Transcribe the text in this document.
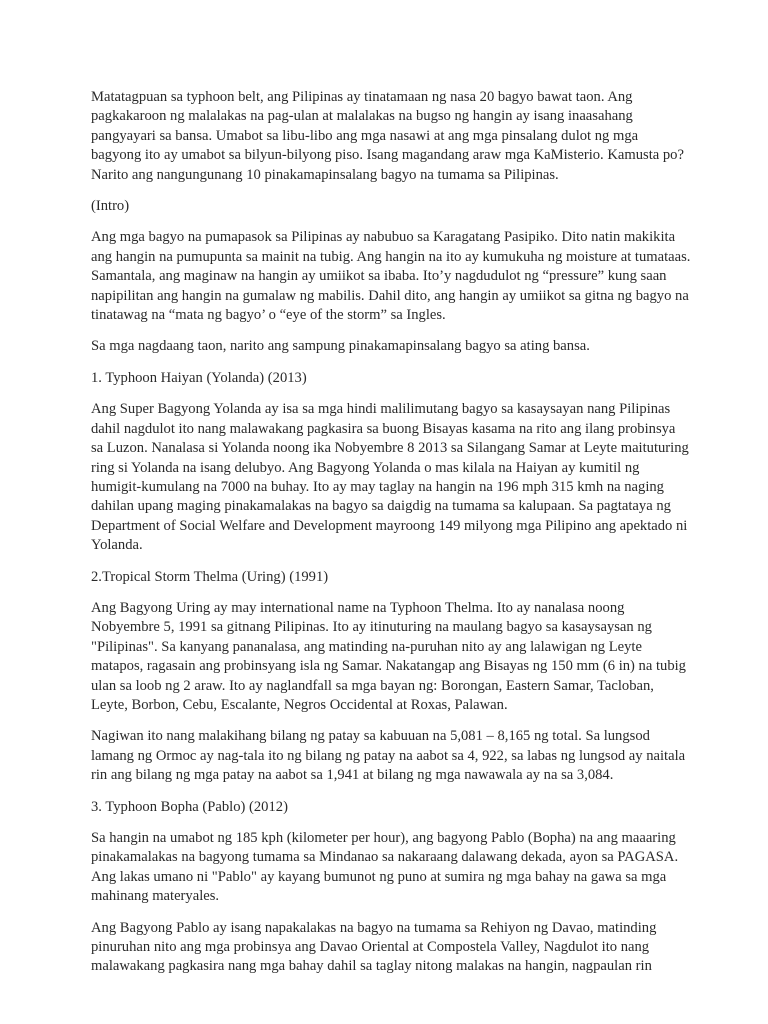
Matatagpuan sa typhoon belt, ang Pilipinas ay tinatamaan ng nasa 20 bagyo bawat taon. Ang pagkakaroon ng malalakas na pag-ulan at malalakas na bugso ng hangin ay isang inaasahang pangyayari sa bansa. Umabot sa libu-libo ang mga nasawi at ang mga pinsalang dulot ng mga bagyong ito ay umabot sa bilyun-bilyong piso. Isang magandang araw mga KaMisterio. Kamusta po? Narito ang nangungunang 10 pinakamapinsalang bagyo na tumama sa Pilipinas.

(Intro)

Ang mga bagyo na pumapasok sa Pilipinas ay nabubuo sa Karagatang Pasipiko. Dito natin makikita ang hangin na pumupunta sa mainit na tubig. Ang hangin na ito ay kumukuha ng moisture at tumataas. Samantala, ang maginaw na hangin ay umiikot sa ibaba. Ito’y nagdudulot ng “pressure” kung saan napipilitan ang hangin na gumalaw ng mabilis. Dahil dito, ang hangin ay umiikot sa gitna ng bagyo na tinatawag na “mata ng bagyo’ o “eye of the storm” sa Ingles.

Sa mga nagdaang taon, narito ang sampung pinakamapinsalang bagyo sa ating bansa.

1. Typhoon Haiyan (Yolanda) (2013)

Ang Super Bagyong Yolanda ay isa sa mga hindi malilimutang bagyo sa kasaysayan nang Pilipinas dahil nagdulot ito nang malawakang pagkasira sa buong Bisayas kasama na rito ang ilang probinsya sa Luzon. Nanalasa si Yolanda noong ika Nobyembre 8 2013 sa Silangang Samar at Leyte maituturing ring si Yolanda na isang delubyo. Ang Bagyong Yolanda o mas kilala na Haiyan ay kumitil ng humigit-kumulang na 7000 na buhay. Ito ay may taglay na hangin na 196 mph 315 kmh na naging dahilan upang maging pinakamalakas na bagyo sa daigdig na tumama sa kalupaan. Sa pagtataya ng Department of Social Welfare and Development mayroong 149 milyong mga Pilipino ang apektado ni Yolanda.

2.Tropical Storm Thelma (Uring) (1991)

Ang Bagyong Uring ay may international name na Typhoon Thelma. Ito ay nanalasa noong Nobyembre 5, 1991 sa gitnang Pilipinas. Ito ay itinuturing na maulang bagyo sa kasaysaysan ng "Pilipinas". Sa kanyang pananalasa, ang matinding na-puruhan nito ay ang lalawigan ng Leyte matapos, ragasain ang probinsyang isla ng Samar. Nakatangap ang Bisayas ng 150 mm (6 in) na tubig ulan sa loob ng 2 araw. Ito ay naglandfall sa mga bayan ng: Borongan, Eastern Samar, Tacloban, Leyte, Borbon, Cebu, Escalante, Negros Occidental at Roxas, Palawan.

Nagiwan ito nang malakihang bilang ng patay sa kabuuan na 5,081 – 8,165 ng total. Sa lungsod lamang ng Ormoc ay nag-tala ito ng bilang ng patay na aabot sa 4, 922, sa labas ng lungsod ay naitala rin ang bilang ng mga patay na aabot sa 1,941 at bilang ng mga nawawala ay na sa 3,084.

3. Typhoon Bopha (Pablo) (2012)

Sa hangin na umabot ng 185 kph (kilometer per hour), ang bagyong Pablo (Bopha) na ang maaaring pinakamalakas na bagyong tumama sa Mindanao sa nakaraang dalawang dekada, ayon sa PAGASA. Ang lakas umano ni "Pablo" ay kayang bumunot ng puno at sumira ng mga bahay na gawa sa mga mahinang materyales.

Ang Bagyong Pablo ay isang napakalakas na bagyo na tumama sa Rehiyon ng Davao, matinding pinuruhan nito ang mga probinsya ang Davao Oriental at Compostela Valley, Nagdulot ito nang malawakang pagkasira nang mga bahay dahil sa taglay nitong malakas na hangin, nagpaulan rin
